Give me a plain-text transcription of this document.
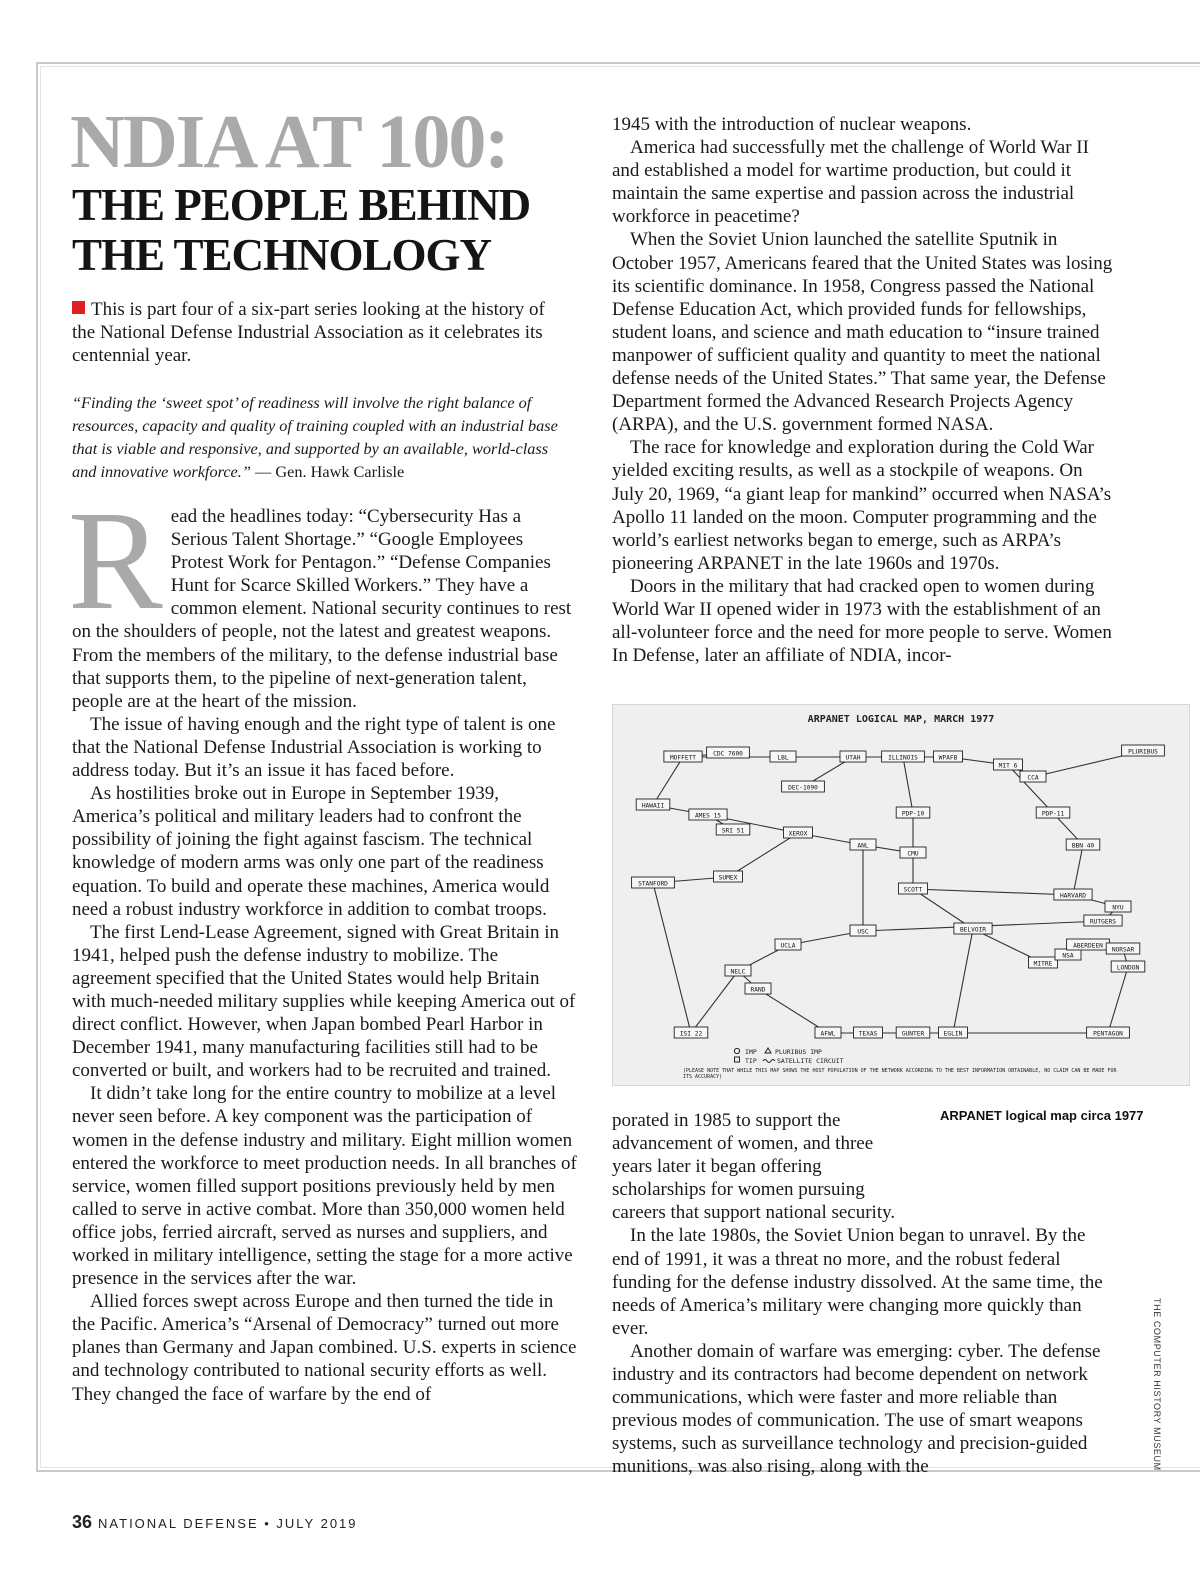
NDIA AT 100:
THE PEOPLE BEHIND
THE TECHNOLOGY
This is part four of a six-part series looking at the history of the National Defense Industrial Association as it celebrates its centennial year.
“Finding the ‘sweet spot’ of readiness will involve the right balance of resources, capacity and quality of training coupled with an industrial base that is viable and responsive, and supported by an available, world-class and innovative workforce.” — Gen. Hawk Carlisle
R ead the headlines today: “Cybersecurity Has a Serious Talent Shortage.” “Google Employees Protest Work for Pentagon.” “Defense Companies Hunt for Scarce Skilled Workers.” They have a common element. National security continues to rest on the shoulders of people, not the latest and greatest weapons. From the members of the military, to the defense industrial base that supports them, to the pipeline of next-generation talent, people are at the heart of the mission.

The issue of having enough and the right type of talent is one that the National Defense Industrial Association is working to address today. But it’s an issue it has faced before.

As hostilities broke out in Europe in September 1939, America’s political and military leaders had to confront the possibility of joining the fight against fascism. The technical knowledge of modern arms was only one part of the readiness equation. To build and operate these machines, America would need a robust industry workforce in addition to combat troops.

The first Lend-Lease Agreement, signed with Great Britain in 1941, helped push the defense industry to mobilize. The agreement specified that the United States would help Britain with much-needed military supplies while keeping America out of direct conflict. However, when Japan bombed Pearl Harbor in December 1941, many manufacturing facilities still had to be converted or built, and workers had to be recruited and trained.

It didn’t take long for the entire country to mobilize at a level never seen before. A key component was the participation of women in the defense industry and military. Eight million women entered the workforce to meet production needs. In all branches of service, women filled support positions previously held by men called to serve in active combat. More than 350,000 women held office jobs, ferried aircraft, served as nurses and suppliers, and worked in military intelligence, setting the stage for a more active presence in the services after the war.

Allied forces swept across Europe and then turned the tide in the Pacific. America’s “Arsenal of Democracy” turned out more planes than Germany and Japan combined. U.S. experts in science and technology contributed to national security efforts as well. They changed the face of warfare by the end of

1945 with the introduction of nuclear weapons.

America had successfully met the challenge of World War II and established a model for wartime production, but could it maintain the same expertise and passion across the industrial workforce in peacetime?

When the Soviet Union launched the satellite Sputnik in October 1957, Americans feared that the United States was losing its scientific dominance. In 1958, Congress passed the National Defense Education Act, which provided funds for fellowships, student loans, and science and math education to “insure trained manpower of sufficient quality and quantity to meet the national defense needs of the United States.” That same year, the Defense Department formed the Advanced Research Projects Agency (ARPA), and the U.S. government formed NASA.

The race for knowledge and exploration during the Cold War yielded exciting results, as well as a stockpile of weapons. On July 20, 1969, “a giant leap for mankind” occurred when NASA’s Apollo 11 landed on the moon. Computer programming and the world’s earliest networks began to emerge, such as ARPA’s pioneering ARPANET in the late 1960s and 1970s.

Doors in the military that had cracked open to women during World War II opened wider in 1973 with the establishment of an all-volunteer force and the need for more people to serve. Women In Defense, later an affiliate of NDIA, incor-

ARPANET LOGICAL MAP, MARCH 1977
MOFFETT	LBL	UTAH	ILLINOIS	WPAFB
MIT 6
CCA
HAWAII
AMES 15
XEROX
ANL
CMU
STANFORD
SUMEX
SCOTT
HARVARD
NYU
RUTGERS
USC
UCLA
NELC
RAND
AFWL	TEXAS	GUNTER	EGLIN
BELVOIR
MITRE
NSA
ABERDEEN
NORSAR
LONDON
PENTAGON
ISI 22
BBN 40
SRI 51
CDC 7600
PDP-10	PDP-11
DEC-1090
PLURIBUS
IMP
TIP
PLURIBUS IMP
SATELLITE CIRCUIT
(PLEASE NOTE THAT WHILE THIS MAP SHOWS THE HOST POPULATION OF THE NETWORK ACCORDING TO THE BEST INFORMATION OBTAINABLE, NO CLAIM CAN BE MADE FOR ITS ACCURACY)
ARPANET logical map circa 1977

porated in 1985 to support the advancement of women, and three years later it began offering scholarships for women pursuing careers that support national security.

In the late 1980s, the Soviet Union began to unravel. By the end of 1991, it was a threat no more, and the robust federal funding for the defense industry dissolved. At the same time, the needs of America’s military were changing more quickly than ever.

Another domain of warfare was emerging: cyber. The defense industry and its contractors had become dependent on network communications, which were faster and more reliable than previous modes of communication. The use of smart weapons systems, such as surveillance technology and precision-guided munitions, was also rising, along with the	THE COMPUTER HISTORY MUSEUM
36 NATIONAL DEFENSE • JULY 2019
